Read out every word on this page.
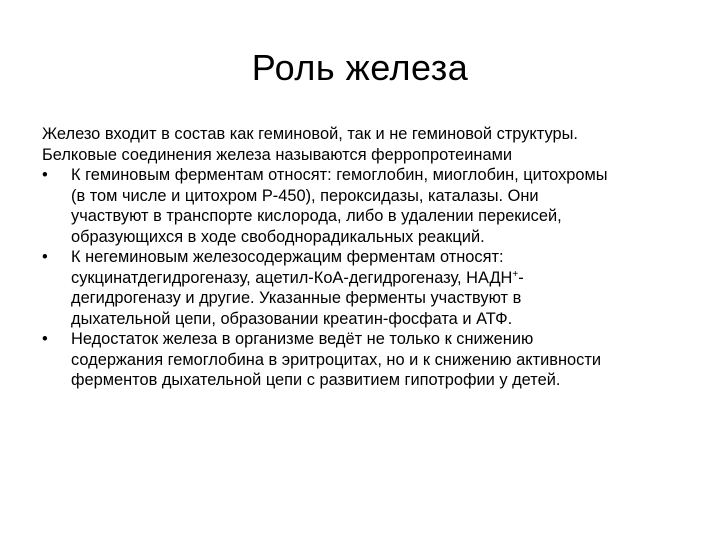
Роль железа

Железо входит в состав как геминовой, так и не геминовой структуры.

Белковые соединения железа называются ферропротеинами

•	К геминовым ферментам относят: гемоглобин, миоглобин, цитохромы
(в том числе и цитохром Р-450), пероксидазы, каталазы. Они
участвуют в транспорте кислорода, либо в удалении перекисей,
образующихся в ходе свободнорадикальных реакций.
•	К негеминовым железосодержацим ферментам относят:
сукцинатдегидрогеназу, ацетил-КоА-дегидрогеназу, НАДН+-
дегидрогеназу и другие. Указанные ферменты участвуют в
дыхательной цепи, образовании креатин-фосфата и АТФ.
•	Недостаток железа в организме ведёт не только к снижению
содержания гемоглобина в эритроцитах, но и к снижению активности
ферментов дыхательной цепи с развитием гипотрофии у детей.
